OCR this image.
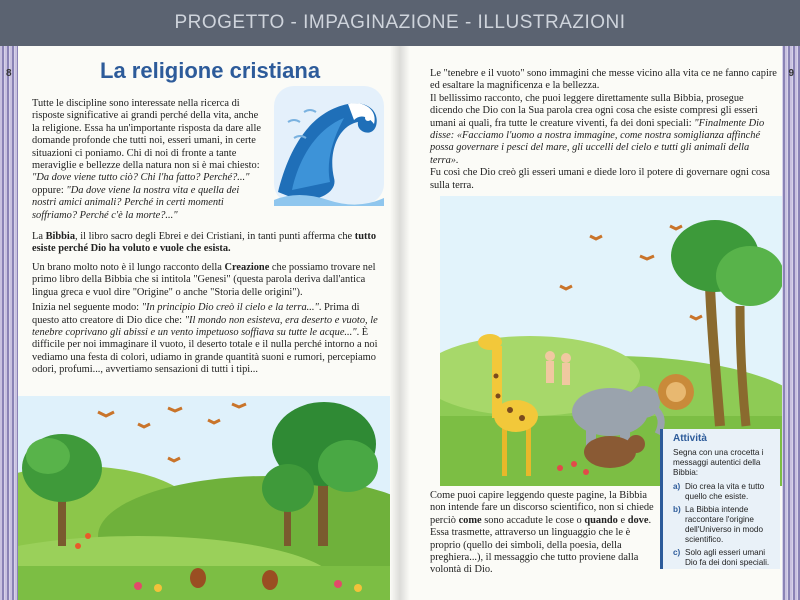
PROGETTO - IMPAGINAZIONE - ILLUSTRAZIONI
8	La religione cristiana

Tutte le discipline sono interessate nella ricerca di risposte significative ai grandi perché della vita, anche la religione. Essa ha un'importante risposta da dare alle domande profonde che tutti noi, esseri umani, in certe situazioni ci poniamo. Chi di noi di fronte a tante meraviglie e bellezze della natura non si è mai chiesto: "Da dove viene tutto ciò? Chi l'ha fatto? Perché?..." oppure: "Da dove viene la nostra vita e quella dei nostri amici animali? Perché in certi momenti soffriamo? Perché c'è la morte?..."

La Bibbia, il libro sacro degli Ebrei e dei Cristiani, in tanti punti afferma che tutto esiste perché Dio ha voluto e vuole che esista.

Un brano molto noto è il lungo racconto della Creazione che possiamo trovare nel primo libro della Bibbia che si intitola "Genesi" (questa parola deriva dall'antica lingua greca e vuol dire "Origine" o anche "Storia delle origini").

Inizia nel seguente modo: "In principio Dio creò il cielo e la terra...". Prima di questo atto creatore di Dio dice che: "Il mondo non esisteva, era deserto e vuoto, le tenebre coprivano gli abissi e un vento impetuoso soffiava su tutte le acque...". È difficile per noi immaginare il vuoto, il deserto totale e il nulla perché intorno a noi vediamo una festa di colori, udiamo in grande quantità suoni e rumori, percepiamo odori, profumi..., avvertiamo sensazioni di tutti i tipi...

9

Le "tenebre e il vuoto" sono immagini che messe vicino alla vita ce ne fanno capire ed esaltare la magnificenza e la bellezza.

Il bellissimo racconto, che puoi leggere direttamente sulla Bibbia, prosegue dicendo che Dio con la Sua parola crea ogni cosa che esiste compresi gli esseri umani ai quali, fra tutte le creature viventi, fa dei doni speciali: "Finalmente Dio disse: «Facciamo l'uomo a nostra immagine, come nostra somiglianza affinché possa governare i pesci del mare, gli uccelli del cielo e tutti gli animali della terra».

Fu così che Dio creò gli esseri umani e diede loro il potere di governare ogni cosa sulla terra.

Come puoi capire leggendo queste pagine, la Bibbia non intende fare un discorso scientifico, non si chiede perciò come sono accadute le cose o quando e dove. Essa trasmette, attraverso un linguaggio che le è proprio (quello dei simboli, della poesia, della preghiera...), il messaggio che tutto proviene dalla volontà di Dio.

Attività
Segna con una crocetta i messaggi autentici della Bibbia:
a) Dio crea la vita e tutto quello che esiste.
b) La Bibbia intende raccontare l'origine dell'Universo in modo scientifico.
c) Solo agli esseri umani Dio fa dei doni speciali.
